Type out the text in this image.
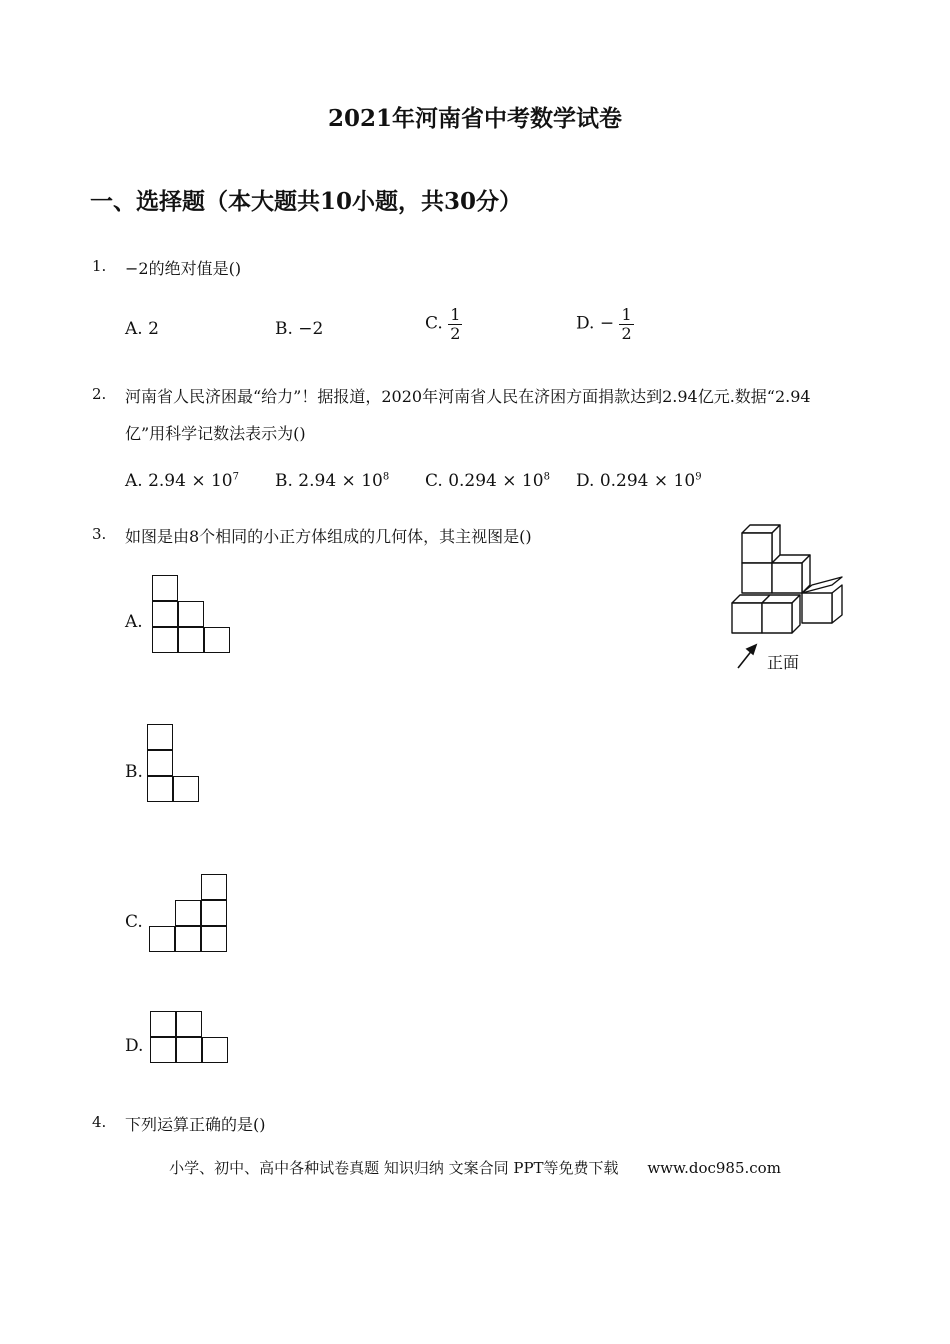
2021年河南省中考数学试卷
一、选择题（本大题共10小题，共30分）
1. −2的绝对值是()
A. 2	B. −2	C. $\frac{1}{2}$	D. − $\frac{1}{2}$
2. 河南省人民济困最“给力”！据报道，2020年河南省人民在济困方面捐款达到2.94亿元.数据“2.94
亿”用科学记数法表示为()
A. $2.94 \times 10^7$ B. $2.94 \times 10^8$ C. $0.294 \times 10^8$ D. $0.294 \times 10^9$
3. 如图是由8个相同的小正方体组成的几何体，其主视图是()
正面
A.
B.
C.
D.
4. 下列运算正确的是()
小学、初中、高中各种试卷真题 知识归纳 文案合同 PPT等免费下载 www.doc985.com
